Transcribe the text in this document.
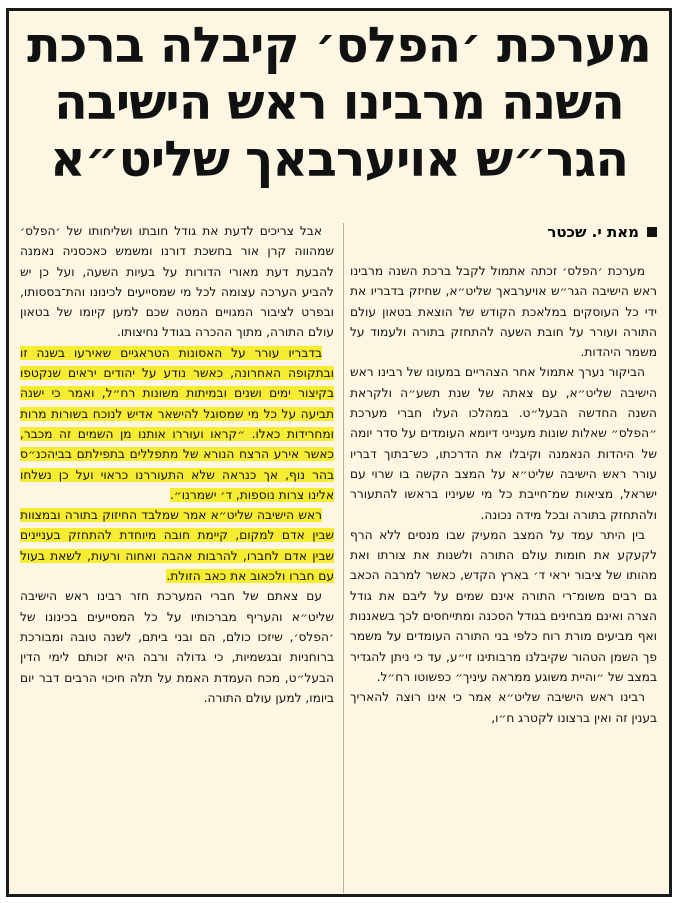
מערכת ׳הפלס׳ קיבלה ברכת
השנה מרבינו ראש הישיבה
הגר״ש אויערבאך שליט״א
מאת י. שכטר

מערכת ׳הפלס׳ זכתה אתמול לקבל ברכת השנה מרבינו ראש הישיבה הגר״ש אויערבאך שליט״א, שחיזק בדבריו את ידי כל העוסקים במלאכת הקודש של הוצאת בטאון עולם התורה ועורר על חובת השעה להתחזק בתורה ולעמוד על משמר היהדות.

הביקור נערך אתמול אחר הצהריים במעונו של רבינו ראש הישיבה שליט״א, עם צאתה של שנת תשע״ה ולקראת השנה החדשה הבעל״ט. במהלכו העלו חברי מערכת ״הפלס״ שאלות שונות מענייני דיומא העומדים על סדר יומה של היהדות הנאמנה וקיבלו את הדרכתו, כש־בתוך דבריו עורר ראש הישיבה שליט״א על המצב הקשה בו שרוי עם ישראל, מציאות שמ־חייבת כל מי שעיניו בראשו להתעורר ולהתחזק בתורה ובכל מידה נכונה.

בין היתר עמד על המצב המעיק שבו מנסים ללא הרף לקעקע את חומות עולם התורה ולשנות את צורתו ואת מהותו של ציבור יראי ד׳ בארץ הקדש, כאשר למרבה הכאב גם רבים משומ־רי התורה אינם שמים על ליבם את גודל הצרה ואינם מבחינים בגודל הסכנה ומתייחסים לכך בשאננות ואף מביעים מורת רוח כלפי בני התורה העומדים על משמר פך השמן הטהור שקיבלנו מרבותינו זי״ע, עד כי ניתן להגדיר במצב של ״והיית משוגע ממראה עיניך״ כפשוטו רח״ל.

רבינו ראש הישיבה שליט״א אמר כי אינו רוצה להאריך בענין זה ואין ברצונו לקטרג ח״ו,

אבל צריכים לדעת את גודל חובתו ושליחותו של ׳הפלס׳ שמהווה קרן אור בחשכת דורנו ומשמש כאכסניה נאמנה להבעת דעת מאורי הדורות על בעיות השעה, ועל כן יש להביע הערכה עצומה לכל מי שמסייעים לכינונו והת־בססותו, ובפרט לציבור המגויים המטה שכם למען קיומו של בטאון עולם התורה, מתוך ההכרה בגודל נחיצותו.

בדבריו עורר על האסונות הטראגיים שאירעו בשנה זו ובתקופה האחרונה, כאשר נודע על יהודים יראים שנקטפו בקיצור ימים ושנים ובמיתות משונות רח״ל, ואמר כי ישנה תביעה על כל מי שמסוגל להישאר אדיש לנוכח בשורות מרות ומחרידות כאלו. ״קראו ועוררו אותנו מן השמים זה מכבר, כאשר אירע הרצח הנורא של מתפללים בתפילתם בביהכנ״ס בהר נוף, אך כנראה שלא התעוררנו כראוי ועל כן נשלחו אלינו צרות נוספות, ד׳ ישמרנו״.

ראש הישיבה שליט״א אמר שמלבד החיזוק בתורה ובמצוות שבין אדם למקום, קיימת חובה מיוחדת להתחזק בעניינים שבין אדם לחברו, להרבות אהבה ואחוה ורעות, לשאת בעול עם חברו ולכאוב את כאב הזולת.

עם צאתם של חברי המערכת חזר רבינו ראש הישיבה שליט״א והעריף מברכותיו על כל המסייעים בכינונו של ׳הפלס׳, שיזכו כולם, הם ובני ביתם, לשנה טובה ומבורכת ברוחניות ובגשמיות, כי גדולה ורבה היא זכותם לימי הדין הבעל״ט, מכח העמדת האמת על תלה חיכוי הרבים דבר יום ביומו, למען עולם התורה.
